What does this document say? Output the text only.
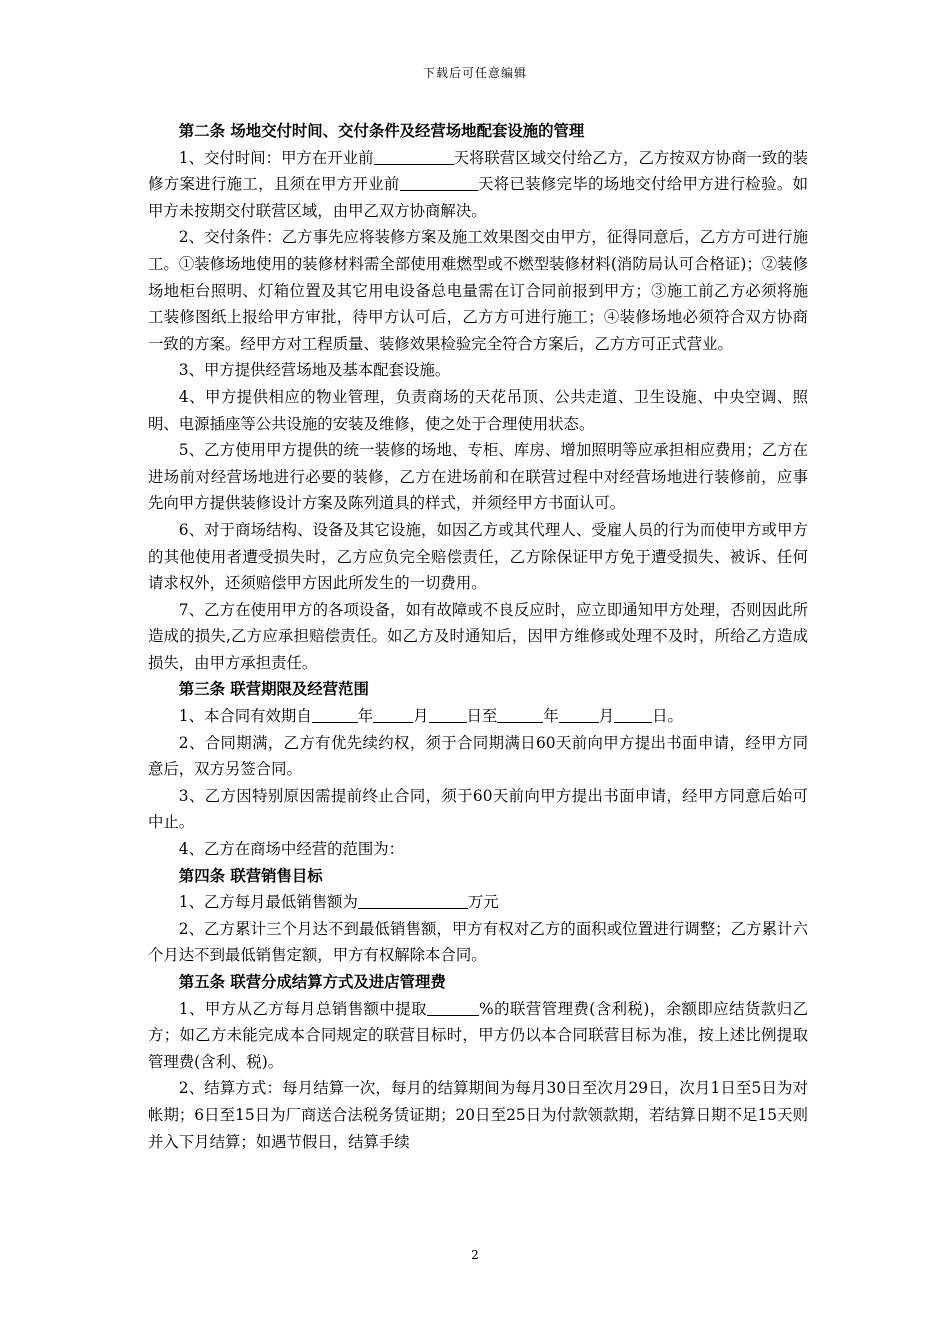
下载后可任意编辑

第二条 场地交付时间、交付条件及经营场地配套设施的管理

1、交付时间：甲方在开业前	天将联营区域交付给乙方，乙方按双方协商一致的装修方案进行施工，且须在甲方开业前	天将已装修完毕的场地交付给甲方进行检验。如甲方未按期交付联营区域，由甲乙双方协商解决。

2、交付条件：乙方事先应将装修方案及施工效果图交由甲方，征得同意后，乙方方可进行施工。①装修场地使用的装修材料需全部使用难燃型或不燃型装修材料(消防局认可合格证)；②装修场地柜台照明、灯箱位置及其它用电设备总电量需在订合同前报到甲方；③施工前乙方必须将施工装修图纸上报给甲方审批，待甲方认可后，乙方方可进行施工；④装修场地必须符合双方协商一致的方案。经甲方对工程质量、装修效果检验完全符合方案后，乙方方可正式营业。

3、甲方提供经营场地及基本配套设施。

4、甲方提供相应的物业管理，负责商场的天花吊顶、公共走道、卫生设施、中央空调、照明、电源插座等公共设施的安装及维修，使之处于合理使用状态。

5、乙方使用甲方提供的统一装修的场地、专柜、库房、增加照明等应承担相应费用；乙方在进场前对经营场地进行必要的装修，乙方在进场前和在联营过程中对经营场地进行装修前，应事先向甲方提供装修设计方案及陈列道具的样式，并须经甲方书面认可。

6、对于商场结构、设备及其它设施，如因乙方或其代理人、受雇人员的行为而使甲方或甲方的其他使用者遭受损失时，乙方应负完全赔偿责任，乙方除保证甲方免于遭受损失、被诉、任何请求权外，还须赔偿甲方因此所发生的一切费用。

7、乙方在使用甲方的各项设备，如有故障或不良反应时，应立即通知甲方处理，否则因此所造成的损失,乙方应承担赔偿责任。如乙方及时通知后，因甲方维修或处理不及时，所给乙方造成损失，由甲方承担责任。

第三条 联营期限及经营范围

1、本合同有效期自	年	月 日至	年	月 日。

2、合同期满，乙方有优先续约权，须于合同期满日60天前向甲方提出书面申请，经甲方同意后，双方另签合同。

3、乙方因特别原因需提前终止合同，须于60天前向甲方提出书面申请，经甲方同意后始可中止。

4、乙方在商场中经营的范围为：

第四条 联营销售目标

1、乙方每月最低销售额为	万元

2、乙方累计三个月达不到最低销售额，甲方有权对乙方的面积或位置进行调整；乙方累计六个月达不到最低销售定额，甲方有权解除本合同。

第五条 联营分成结算方式及进店管理费

1、甲方从乙方每月总销售额中提取	%的联营管理费(含利税)，余额即应结货款归乙方；如乙方未能完成本合同规定的联营目标时，甲方仍以本合同联营目标为准，按上述比例提取管理费(含利、税)。

2、结算方式：每月结算一次，每月的结算期间为每月30日至次月29日，次月1日至5日为对帐期；6日至15日为厂商送合法税务赁证期；20日至25日为付款领款期，若结算日期不足15天则并入下月结算；如遇节假日，结算手续

2
